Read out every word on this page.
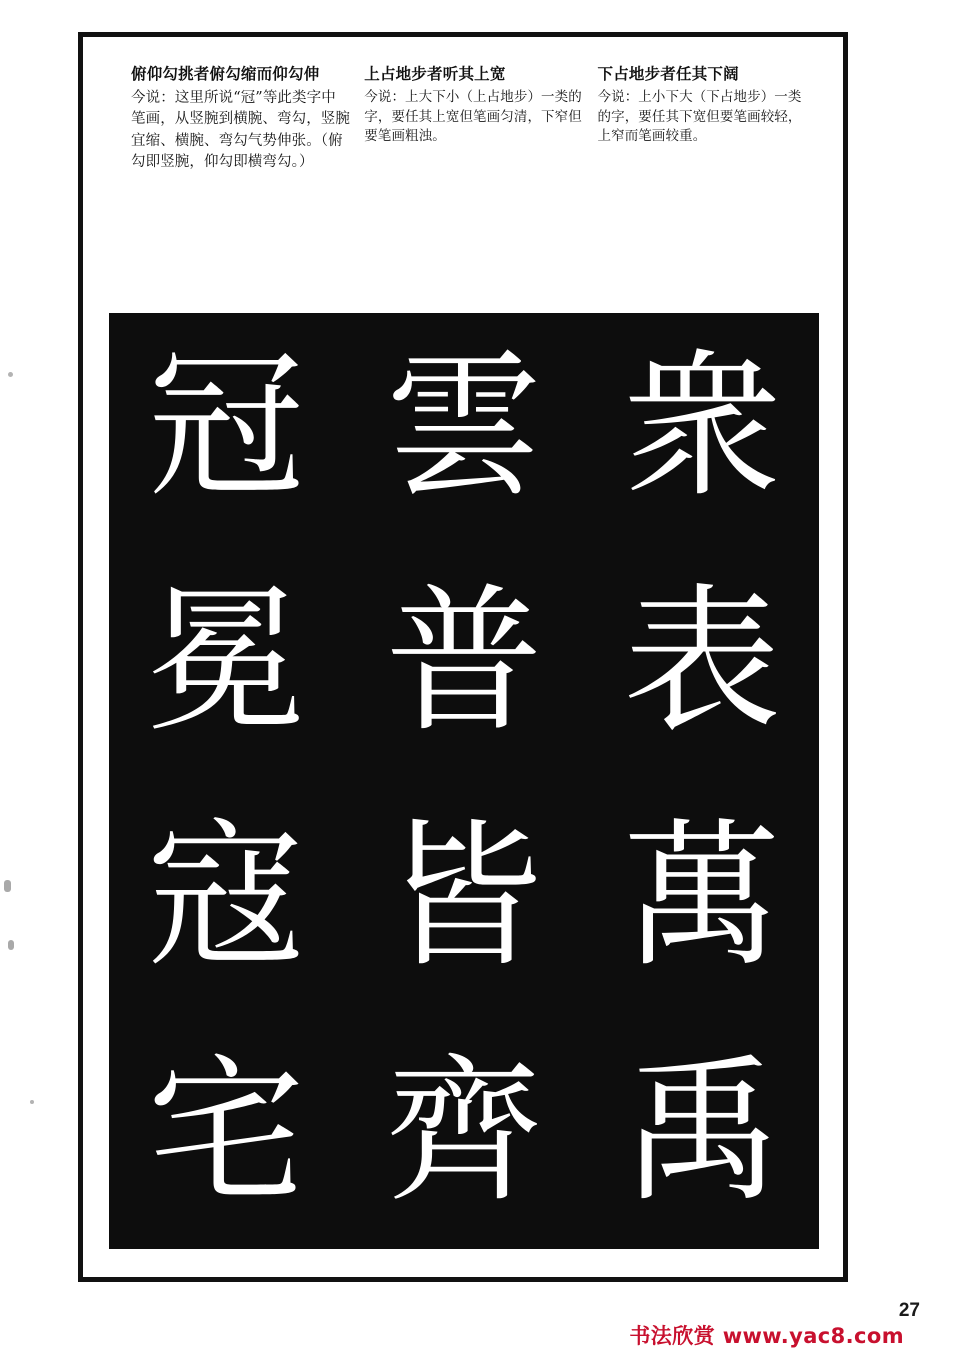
俯仰勾挑者俯勾缩而仰勾伸
今说：这里所说“冠”等此类字中笔画，从竖腕到横腕、弯勾，竖腕宜缩、横腕、弯勾气势伸张。（俯勾即竖腕，仰勾即横弯勾。）
上占地步者听其上宽
今说：上大下小（上占地步）一类的字，要任其上宽但笔画匀清，下窄但要笔画粗浊。
下占地步者任其下阔
今说：上小下大（下占地步）一类的字，要任其下宽但要笔画较轻，上窄而笔画较重。
冠 雲 衆
冕 普 表
寇 皆 萬
宅 齊 禹
27
书法欣赏 www.yac8.com
